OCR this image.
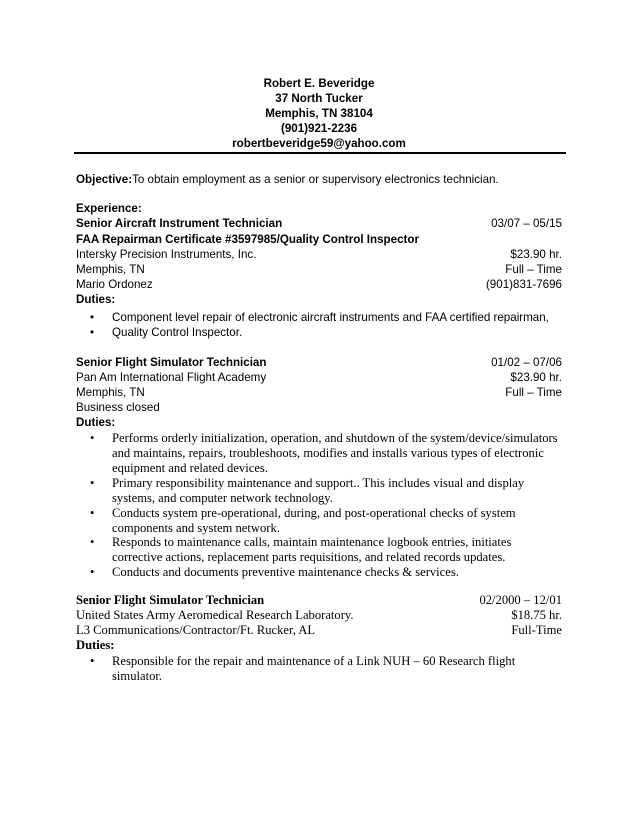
Robert E. Beveridge
37 North Tucker
Memphis, TN 38104
(901)921-2236
robertbeveridge59@yahoo.com
Objective:To obtain employment as a senior or supervisory electronics technician.
Experience:
Senior Aircraft Instrument Technician	03/07 – 05/15
FAA Repairman Certificate #3597985/Quality Control Inspector
Intersky Precision Instruments, Inc.	$23.90 hr.
Memphis, TN	Full – Time
Mario Ordonez	(901)831-7696
Duties:
• Component level repair of electronic aircraft instruments and FAA certified repairman,
• Quality Control Inspector.
Senior Flight Simulator Technician	01/02 – 07/06
Pan Am International Flight Academy	$23.90 hr.
Memphis, TN	Full – Time
Business closed
Duties:
• Performs orderly initialization, operation, and shutdown of the system/device/simulators and maintains, repairs, troubleshoots, modifies and installs various types of electronic equipment and related devices.
• Primary responsibility maintenance and support.. This includes visual and display systems, and computer network technology.
• Conducts system pre-operational, during, and post-operational checks of system components and system network.
• Responds to maintenance calls, maintain maintenance logbook entries, initiates corrective actions, replacement parts requisitions, and related records updates.
• Conducts and documents preventive maintenance checks & services.
Senior Flight Simulator Technician	02/2000 – 12/01
United States Army Aeromedical Research Laboratory.	$18.75 hr.
L3 Communications/Contractor/Ft. Rucker, AL	Full-Time
Duties:
• Responsible for the repair and maintenance of a Link NUH – 60 Research flight simulator.
